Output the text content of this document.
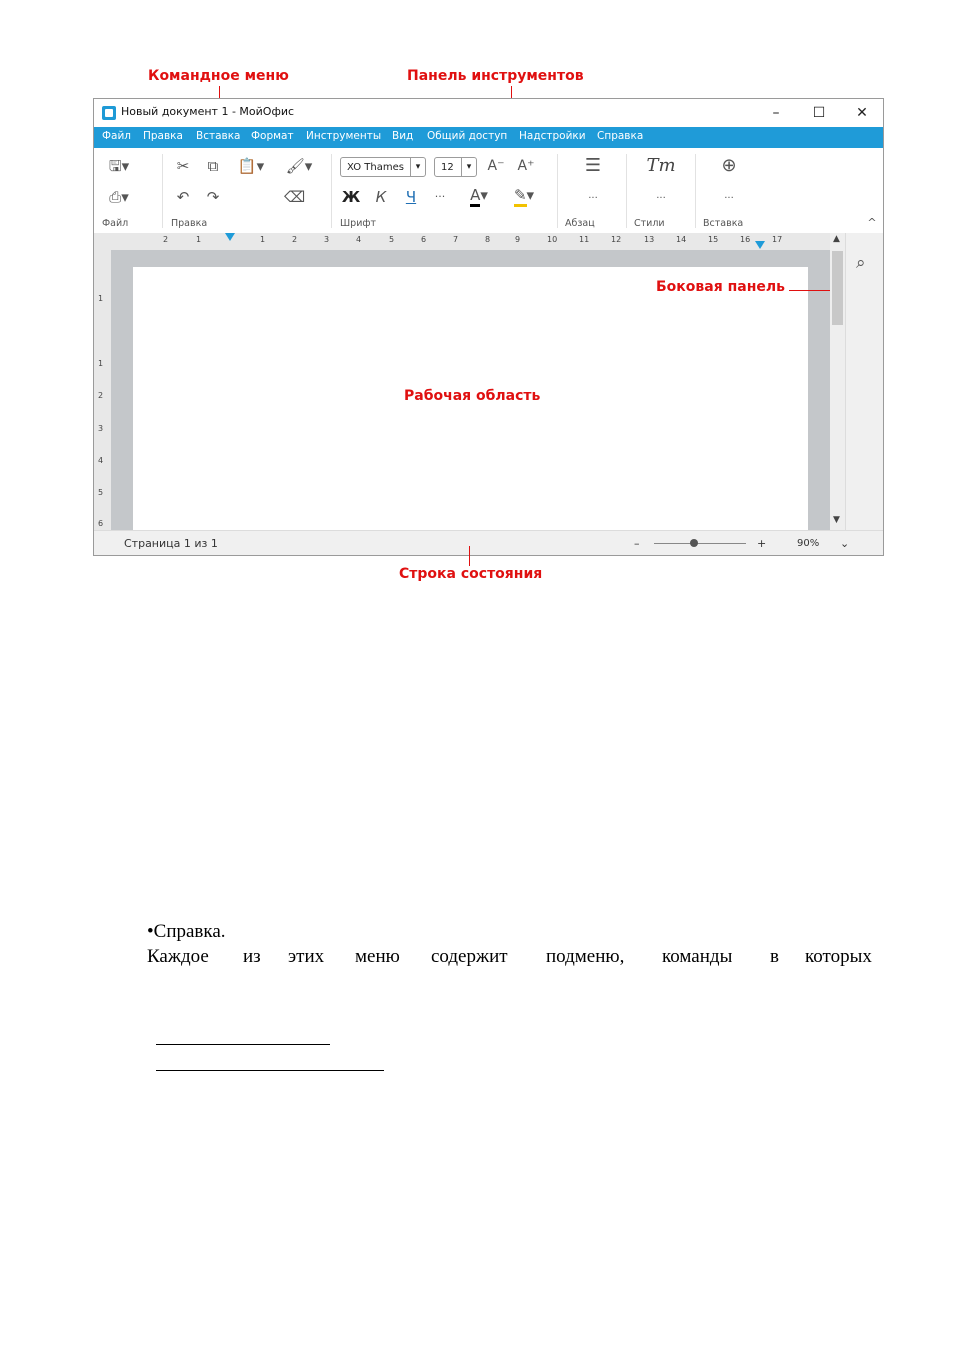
Командное меню	Панель инструментов
Новый документ 1 - МойОфис	–	☐	✕
Файл Правка Вставка Формат Инструменты Вид Общий доступ Надстройки Справка
🖫▾
⎙▾
Файл
✂ ⧉ 📋▾ 🖌▾
↶ ↷	⌫
Правка
XO Thames	▾	12	▾	A⁻ A⁺
Ж	К	Ч	···	A▾	✎▾
Шрифт
☰
···
Абзац
Tт
···
Стили
⊕
···
Вставка	^
2	1	1	2	3	4	5	6	7	8	9	10	11	12	13	14	15	16	17
1
1
2
3
4
5
6
Рабочая область
Боковая панель
▲
▼
⌕
Страница 1 из 1	–	+	90% ⌄
Строка состояния
•Справка.
Каждое из этих меню содержит подменю, команды в которых
